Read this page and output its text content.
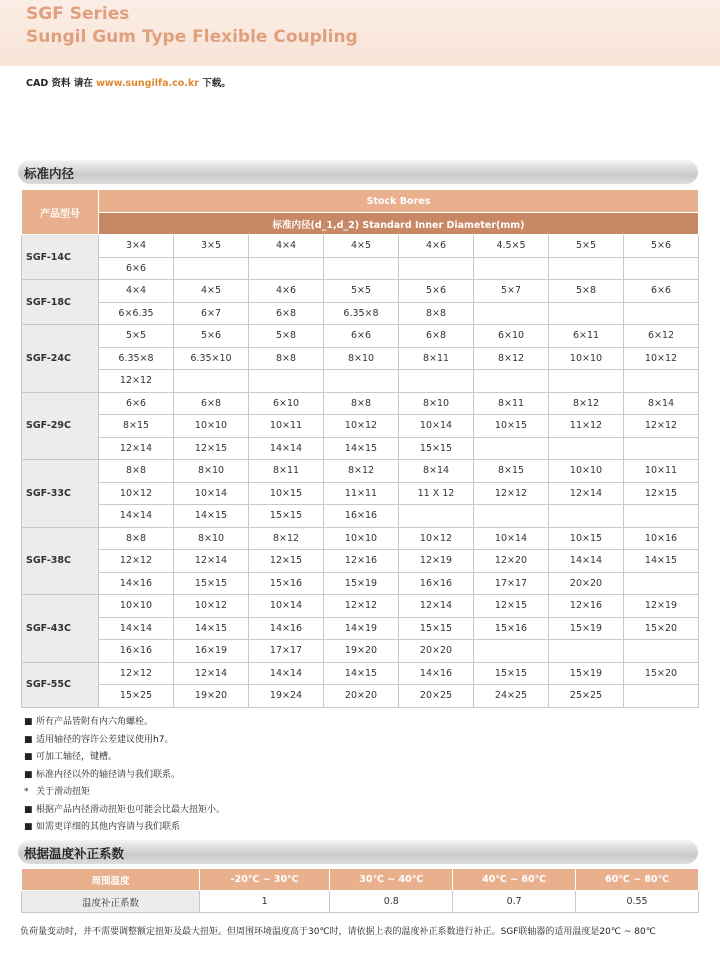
SGF Series
Sungil Gum Type Flexible Coupling
CAD 资料 请在 www.sungilfa.co.kr 下载。
标准内径
产品型号	Stock Bores							
	标准内径(d_1,d_2) Standard Inner Diameter(mm)							
SGF-14C	3×4	3×5	4×4	4×5	4×6	4.5×5	5×5	5×6
	6×6							
SGF-18C	4×4	4×5	4×6	5×5	5×6	5×7	5×8	6×6
	6×6.35	6×7	6×8	6.35×8	8×8			
SGF-24C	5×5	5×6	5×8	6×6	6×8	6×10	6×11	6×12
	6.35×8	6.35×10	8×8	8×10	8×11	8×12	10×10	10×12
	12×12							
SGF-29C	6×6	6×8	6×10	8×8	8×10	8×11	8×12	8×14
	8×15	10×10	10×11	10×12	10×14	10×15	11×12	12×12
	12×14	12×15	14×14	14×15	15×15			
SGF-33C	8×8	8×10	8×11	8×12	8×14	8×15	10×10	10×11
	10×12	10×14	10×15	11×11	11 X 12	12×12	12×14	12×15
	14×14	14×15	15×15	16×16				
SGF-38C	8×8	8×10	8×12	10×10	10×12	10×14	10×15	10×16
	12×12	12×14	12×15	12×16	12×19	12×20	14×14	14×15
	14×16	15×15	15×16	15×19	16×16	17×17	20×20	
SGF-43C	10×10	10×12	10×14	12×12	12×14	12×15	12×16	12×19
	14×14	14×15	14×16	14×19	15×15	15×16	15×19	15×20
	16×16	16×19	17×17	19×20	20×20			
SGF-55C	12×12	12×14	14×14	14×15	14×16	15×15	15×19	15×20
	15×25	19×20	19×24	20×20	20×25	24×25	25×25	
■ 所有产品皆附有内六角螺栓。
■ 适用轴径的容许公差建议使用h7。
■ 可加工轴径，键槽。
■ 标准内径以外的轴径请与我们联系。
* 关于滑动扭矩
■ 根据产品内径滑动扭矩也可能会比最大扭矩小。
■ 如需更详细的其他内容请与我们联系
根据温度补正系数
周围温度	-20℃ ~ 30℃	30℃ ~ 40℃	40℃ ~ 60℃	60℃ ~ 80℃
温度补正系数	1	0.8	0.7	0.55
负荷量变动时，并不需要调整额定扭矩及最大扭矩。但周围环境温度高于30℃时，请依据上表的温度补正系数进行补正。SGF联轴器的适用温度是20℃ ~ 80℃
